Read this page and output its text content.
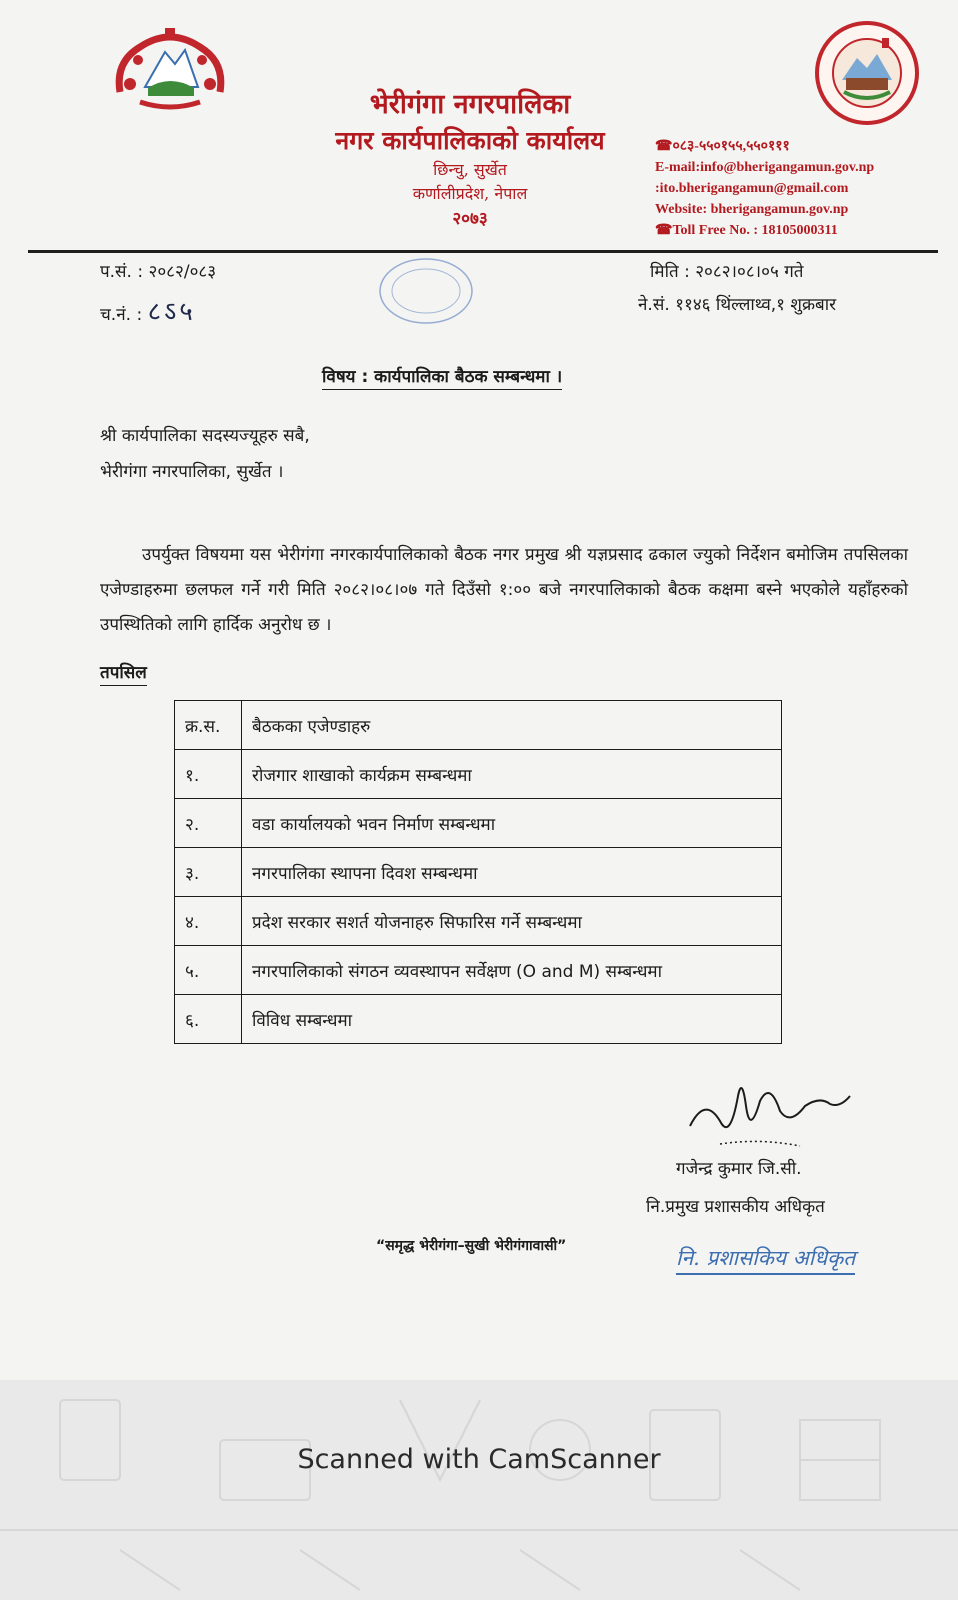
भेरीगंगा नगरपालिका
नगर कार्यपालिकाको कार्यालय
छिन्चु, सुर्खेत
कर्णालीप्रदेश, नेपाल
२०७३
☎०८३-५५०१५५,५५०१११
E-mail:info@bherigangamun.gov.np
:ito.bherigangamun@gmail.com
Website: bherigangamun.gov.np
☎Toll Free No. : 18105000311
प.सं. : २०८२/०८३
च.नं. : ८ऽ५
मिति : २०८२।०८।०५ गते
ने.सं. ११४६ थिंल्लाथ्व,१ शुक्रबार
विषय : कार्यपालिका बैठक सम्बन्धमा ।
श्री कार्यपालिका सदस्यज्यूहरु सबै,
भेरीगंगा नगरपालिका, सुर्खेत ।
उपर्युक्त विषयमा यस भेरीगंगा नगरकार्यपालिकाको बैठक नगर प्रमुख श्री यज्ञप्रसाद ढकाल ज्युको निर्देशन बमोजिम तपसिलका एजेण्डाहरुमा छलफल गर्ने गरी मिति २०८२।०८।०७ गते दिउँसो १:०० बजे नगरपालिकाको बैठक कक्षमा बस्ने भएकोले यहाँहरुको उपस्थितिको लागि हार्दिक अनुरोध छ ।
तपसिल
क्र.स.	बैठकका एजेण्डाहरु
१.	रोजगार शाखाको कार्यक्रम सम्बन्धमा
२.	वडा कार्यालयको भवन निर्माण सम्बन्धमा
३.	नगरपालिका स्थापना दिवश सम्बन्धमा
४.	प्रदेश सरकार सशर्त योजनाहरु सिफारिस गर्ने सम्बन्धमा
५.	नगरपालिकाको संगठन व्यवस्थापन सर्वेक्षण (O and M) सम्बन्धमा
६.	विविध सम्बन्धमा
गजेन्द्र कुमार जि.सी.
नि.प्रमुख प्रशासकीय अधिकृत
“समृद्ध भेरीगंगा–सुखी भेरीगंगावासी”	नि. प्रशासकिय अधिकृत
Scanned with CamScanner
